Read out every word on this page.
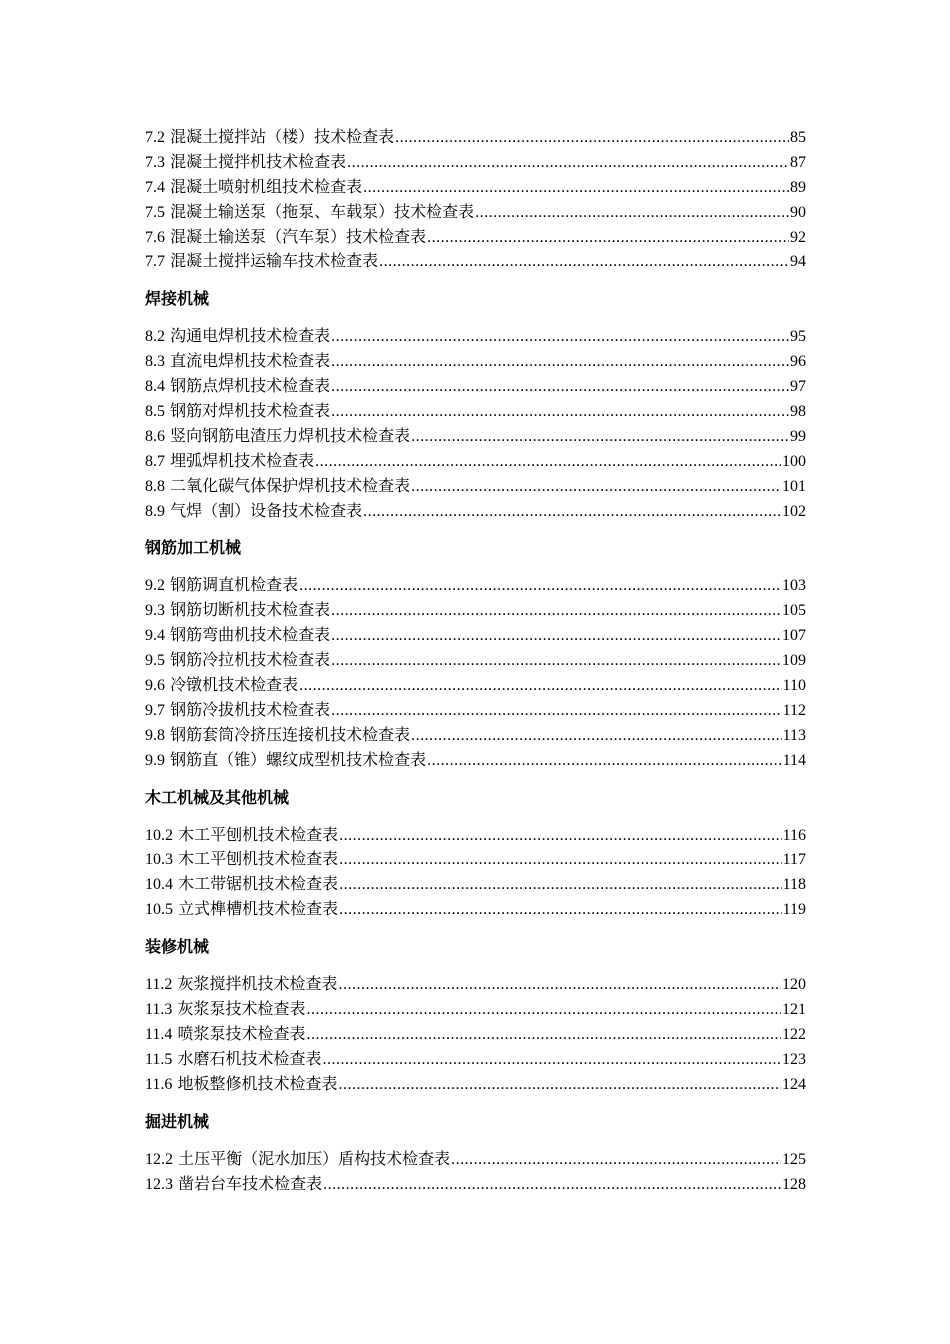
7.2 混凝土搅拌站（楼）技术检查表 .....	85
7.3 混凝土搅拌机技术检查表 .....	87
7.4 混凝土喷射机组技术检查表 .....	89
7.5 混凝土输送泵（拖泵、车载泵）技术检查表 .....	90
7.6 混凝土输送泵（汽车泵）技术检查表 .....	92
7.7 混凝土搅拌运输车技术检查表 .....	94
焊接机械
8.2 沟通电焊机技术检查表 .....	95
8.3 直流电焊机技术检查表 .....	96
8.4 钢筋点焊机技术检查表 .....	97
8.5 钢筋对焊机技术检查表 .....	98
8.6 竖向钢筋电渣压力焊机技术检查表 .....	99
8.7 埋弧焊机技术检查表 .....	100
8.8 二氧化碳气体保护焊机技术检查表 .....	101
8.9 气焊（割）设备技术检查表 .....	102
钢筋加工机械
9.2 钢筋调直机检查表 .....	103
9.3 钢筋切断机技术检查表 .....	105
9.4 钢筋弯曲机技术检查表 .....	107
9.5 钢筋冷拉机技术检查表 .....	109
9.6 冷镦机技术检查表 .....	110
9.7 钢筋冷拔机技术检查表 .....	112
9.8 钢筋套筒冷挤压连接机技术检查表 .....	113
9.9 钢筋直（锥）螺纹成型机技术检查表 .....	114
木工机械及其他机械
10.2 木工平刨机技术检查表 .....	116
10.3 木工平刨机技术检查表 .....	117
10.4 木工带锯机技术检查表 .....	118
10.5 立式榫槽机技术检查表 .....	119
装修机械
11.2 灰浆搅拌机技术检查表 .....	120
11.3 灰浆泵技术检查表 .....	121
11.4 喷浆泵技术检查表 .....	122
11.5 水磨石机技术检查表 .....	123
11.6 地板整修机技术检查表 .....	124
掘进机械
12.2 土压平衡（泥水加压）盾构技术检查表 .....	125
12.3 凿岩台车技术检查表 .....	128
